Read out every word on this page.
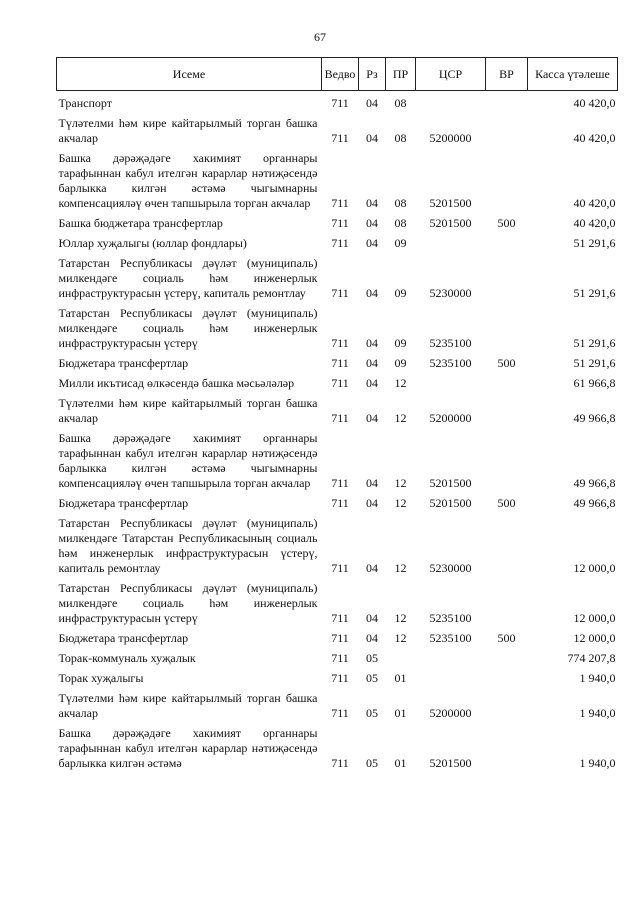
67
Исеме	Ведво	Рз	ПР	ЦСР	ВР	Касса үтәлеше
Транспорт	711	04	08			40 420,0
Түләтелми һәм кире кайтарылмый торган башка акчалар	711	04	08	5200000		40 420,0
Башка дәрәҗәдәге хакимият органнары тарафыннан кабул ителгән карарлар нәтиҗәсендә барлыкка килгән әстәмә чыгымнарны компенсацияләү өчен тапшырыла торган акчалар	711	04	08	5201500		40 420,0
Башка бюджетара трансфертлар	711	04	08	5201500	500	40 420,0
Юллар хуҗалыгы (юллар фондлары)	711	04	09			51 291,6
Татарстан Республикасы дәүләт (муниципаль) милкендәге социаль һәм инженерлык инфраструктурасын үстерү, капиталь ремонтлау	711	04	09	5230000		51 291,6
Татарстан Республикасы дәүләт (муниципаль) милкендәге социаль һәм инженерлык инфраструктурасын үстерү	711	04	09	5235100		51 291,6
Бюджетара трансфертлар	711	04	09	5235100	500	51 291,6
Милли икътисад өлкәсендә башка мәсьәләләр	711	04	12			61 966,8
Түләтелми һәм кире кайтарылмый торган башка акчалар	711	04	12	5200000		49 966,8
Башка дәрәҗәдәге хакимият органнары тарафыннан кабул ителгән карарлар нәтиҗәсендә барлыкка килгән әстәмә чыгымнарны компенсацияләү өчен тапшырыла торган акчалар	711	04	12	5201500		49 966,8
Бюджетара трансфертлар	711	04	12	5201500	500	49 966,8
Татарстан Республикасы дәүләт (муниципаль) милкендәге Татарстан Республикасының социаль һәм инженерлык инфраструктурасын үстерү, капиталь ремонтлау	711	04	12	5230000		12 000,0
Татарстан Республикасы дәүләт (муниципаль) милкендәге социаль һәм инженерлык инфраструктурасын үстерү	711	04	12	5235100		12 000,0
Бюджетара трансфертлар	711	04	12	5235100	500	12 000,0
Торак-коммуналь хуҗалык	711	05				774 207,8
Торак хуҗалыгы	711	05	01			1 940,0
Түләтелми һәм кире кайтарылмый торган башка акчалар	711	05	01	5200000		1 940,0
Башка дәрәҗәдәге хакимият органнары тарафыннан кабул ителгән карарлар нәтиҗәсендә барлыкка килгән әстәмә	711	05	01	5201500		1 940,0
